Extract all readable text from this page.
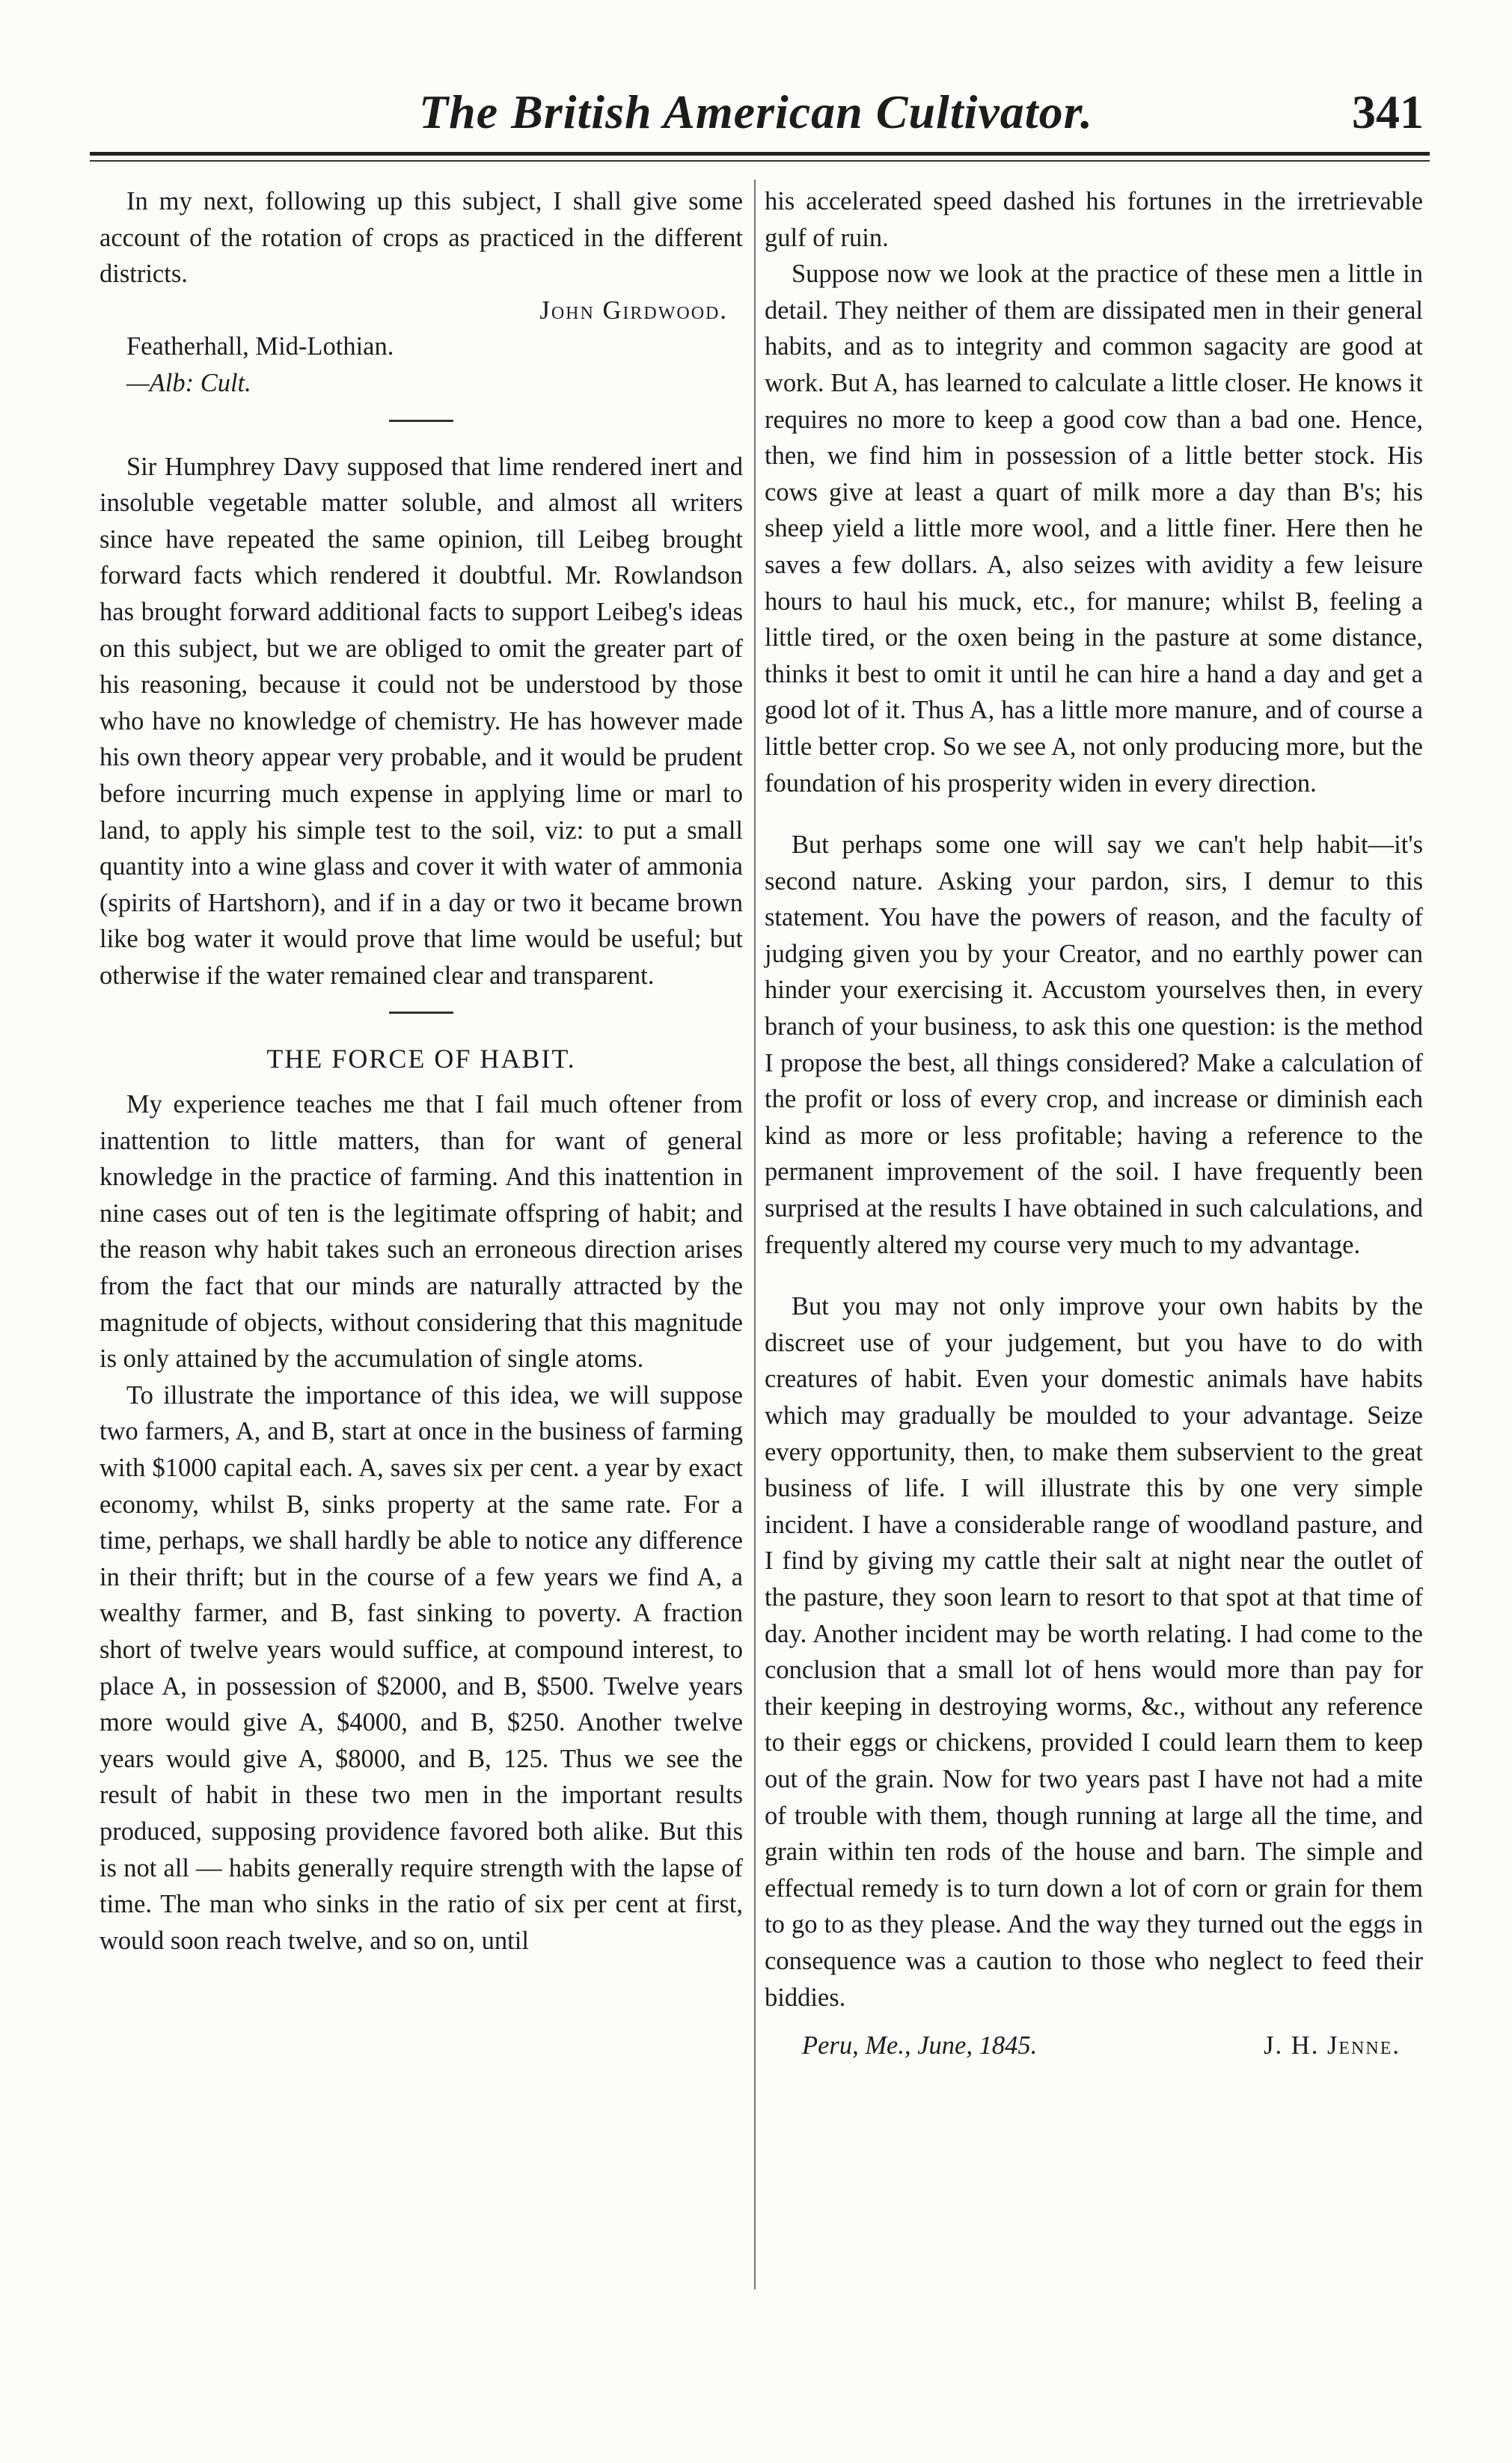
The British American Cultivator.	341

In my next, following up this subject, I shall give some account of the rotation of crops as practiced in the different districts.

John Girdwood.

Featherhall, Mid-Lothian.

—Alb: Cult.

Sir Humphrey Davy supposed that lime rendered inert and insoluble vegetable matter soluble, and almost all writers since have repeated the same opinion, till Leibeg brought forward facts which rendered it doubtful. Mr. Rowlandson has brought forward additional facts to support Leibeg's ideas on this subject, but we are obliged to omit the greater part of his reasoning, because it could not be understood by those who have no knowledge of chemistry. He has however made his own theory appear very probable, and it would be prudent before incurring much expense in applying lime or marl to land, to apply his simple test to the soil, viz: to put a small quantity into a wine glass and cover it with water of ammonia (spirits of Hartshorn), and if in a day or two it became brown like bog water it would prove that lime would be useful; but otherwise if the water remained clear and transparent.

THE FORCE OF HABIT.

My experience teaches me that I fail much oftener from inattention to little matters, than for want of general knowledge in the practice of farming. And this inattention in nine cases out of ten is the legitimate offspring of habit; and the reason why habit takes such an erroneous direction arises from the fact that our minds are naturally attracted by the magnitude of objects, without considering that this magnitude is only attained by the accumulation of single atoms.

To illustrate the importance of this idea, we will suppose two farmers, A, and B, start at once in the business of farming with $1000 capital each. A, saves six per cent. a year by exact economy, whilst B, sinks property at the same rate. For a time, perhaps, we shall hardly be able to notice any difference in their thrift; but in the course of a few years we find A, a wealthy farmer, and B, fast sinking to poverty. A fraction short of twelve years would suffice, at compound interest, to place A, in possession of $2000, and B, $500. Twelve years more would give A, $4000, and B, $250. Another twelve years would give A, $8000, and B, 125. Thus we see the result of habit in these two men in the important results produced, supposing providence favored both alike. But this is not all — habits generally require strength with the lapse of time. The man who sinks in the ratio of six per cent at first, would soon reach twelve, and so on, until

his accelerated speed dashed his fortunes in the irretrievable gulf of ruin.

Suppose now we look at the practice of these men a little in detail. They neither of them are dissipated men in their general habits, and as to integrity and common sagacity are good at work. But A, has learned to calculate a little closer. He knows it requires no more to keep a good cow than a bad one. Hence, then, we find him in possession of a little better stock. His cows give at least a quart of milk more a day than B's; his sheep yield a little more wool, and a little finer. Here then he saves a few dollars. A, also seizes with avidity a few leisure hours to haul his muck, etc., for manure; whilst B, feeling a little tired, or the oxen being in the pasture at some distance, thinks it best to omit it until he can hire a hand a day and get a good lot of it. Thus A, has a little more manure, and of course a little better crop. So we see A, not only producing more, but the foundation of his prosperity widen in every direction.

But perhaps some one will say we can't help habit—it's second nature. Asking your pardon, sirs, I demur to this statement. You have the powers of reason, and the faculty of judging given you by your Creator, and no earthly power can hinder your exercising it. Accustom yourselves then, in every branch of your business, to ask this one question: is the method I propose the best, all things considered? Make a calculation of the profit or loss of every crop, and increase or diminish each kind as more or less profitable; having a reference to the permanent improvement of the soil. I have frequently been surprised at the results I have obtained in such calculations, and frequently altered my course very much to my advantage.

But you may not only improve your own habits by the discreet use of your judgement, but you have to do with creatures of habit. Even your domestic animals have habits which may gradually be moulded to your advantage. Seize every opportunity, then, to make them subservient to the great business of life. I will illustrate this by one very simple incident. I have a considerable range of woodland pasture, and I find by giving my cattle their salt at night near the outlet of the pasture, they soon learn to resort to that spot at that time of day. Another incident may be worth relating. I had come to the conclusion that a small lot of hens would more than pay for their keeping in destroying worms, &c., without any reference to their eggs or chickens, provided I could learn them to keep out of the grain. Now for two years past I have not had a mite of trouble with them, though running at large all the time, and grain within ten rods of the house and barn. The simple and effectual remedy is to turn down a lot of corn or grain for them to go to as they please. And the way they turned out the eggs in consequence was a caution to those who neglect to feed their biddies.

Peru, Me., June, 1845.	J. H. Jenne.
